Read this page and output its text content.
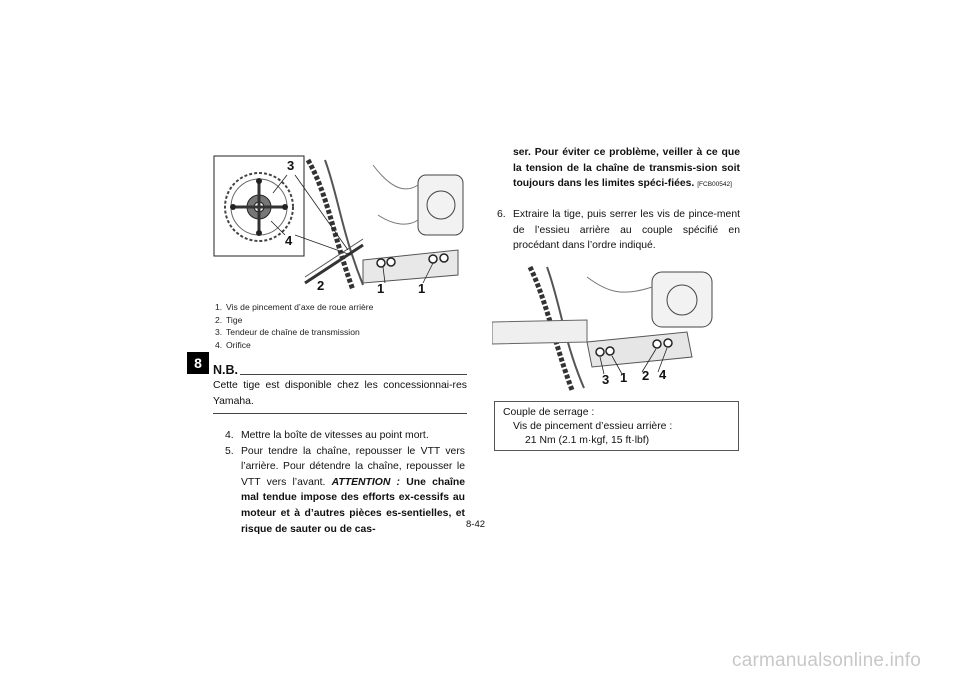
8
3
4
2	1	1
1. Vis de pincement d’axe de roue arrière
2. Tige
3. Tendeur de chaîne de transmission
4. Orifice
N.B.
Cette tige est disponible chez les concessionnai-res Yamaha.
4. Mettre la boîte de vitesses au point mort.
5. Pour tendre la chaîne, repousser le VTT vers l’arrière. Pour détendre la chaîne, repousser le VTT vers l’avant. ATTENTION : Une chaîne mal tendue impose des efforts ex-cessifs au moteur et à d’autres pièces es-sentielles, et risque de sauter ou de cas-
ser. Pour éviter ce problème, veiller à ce que la tension de la chaîne de transmis-sion soit toujours dans les limites spéci-fiées. [FCB00542]
6. Extraire la tige, puis serrer les vis de pince-ment de l’essieu arrière au couple spécifié en procédant dans l’ordre indiqué.
3 1 2 4
Couple de serrage :
Vis de pincement d’essieu arrière :
21 Nm (2.1 m·kgf, 15 ft·lbf)
8-42
carmanualsonline.info
